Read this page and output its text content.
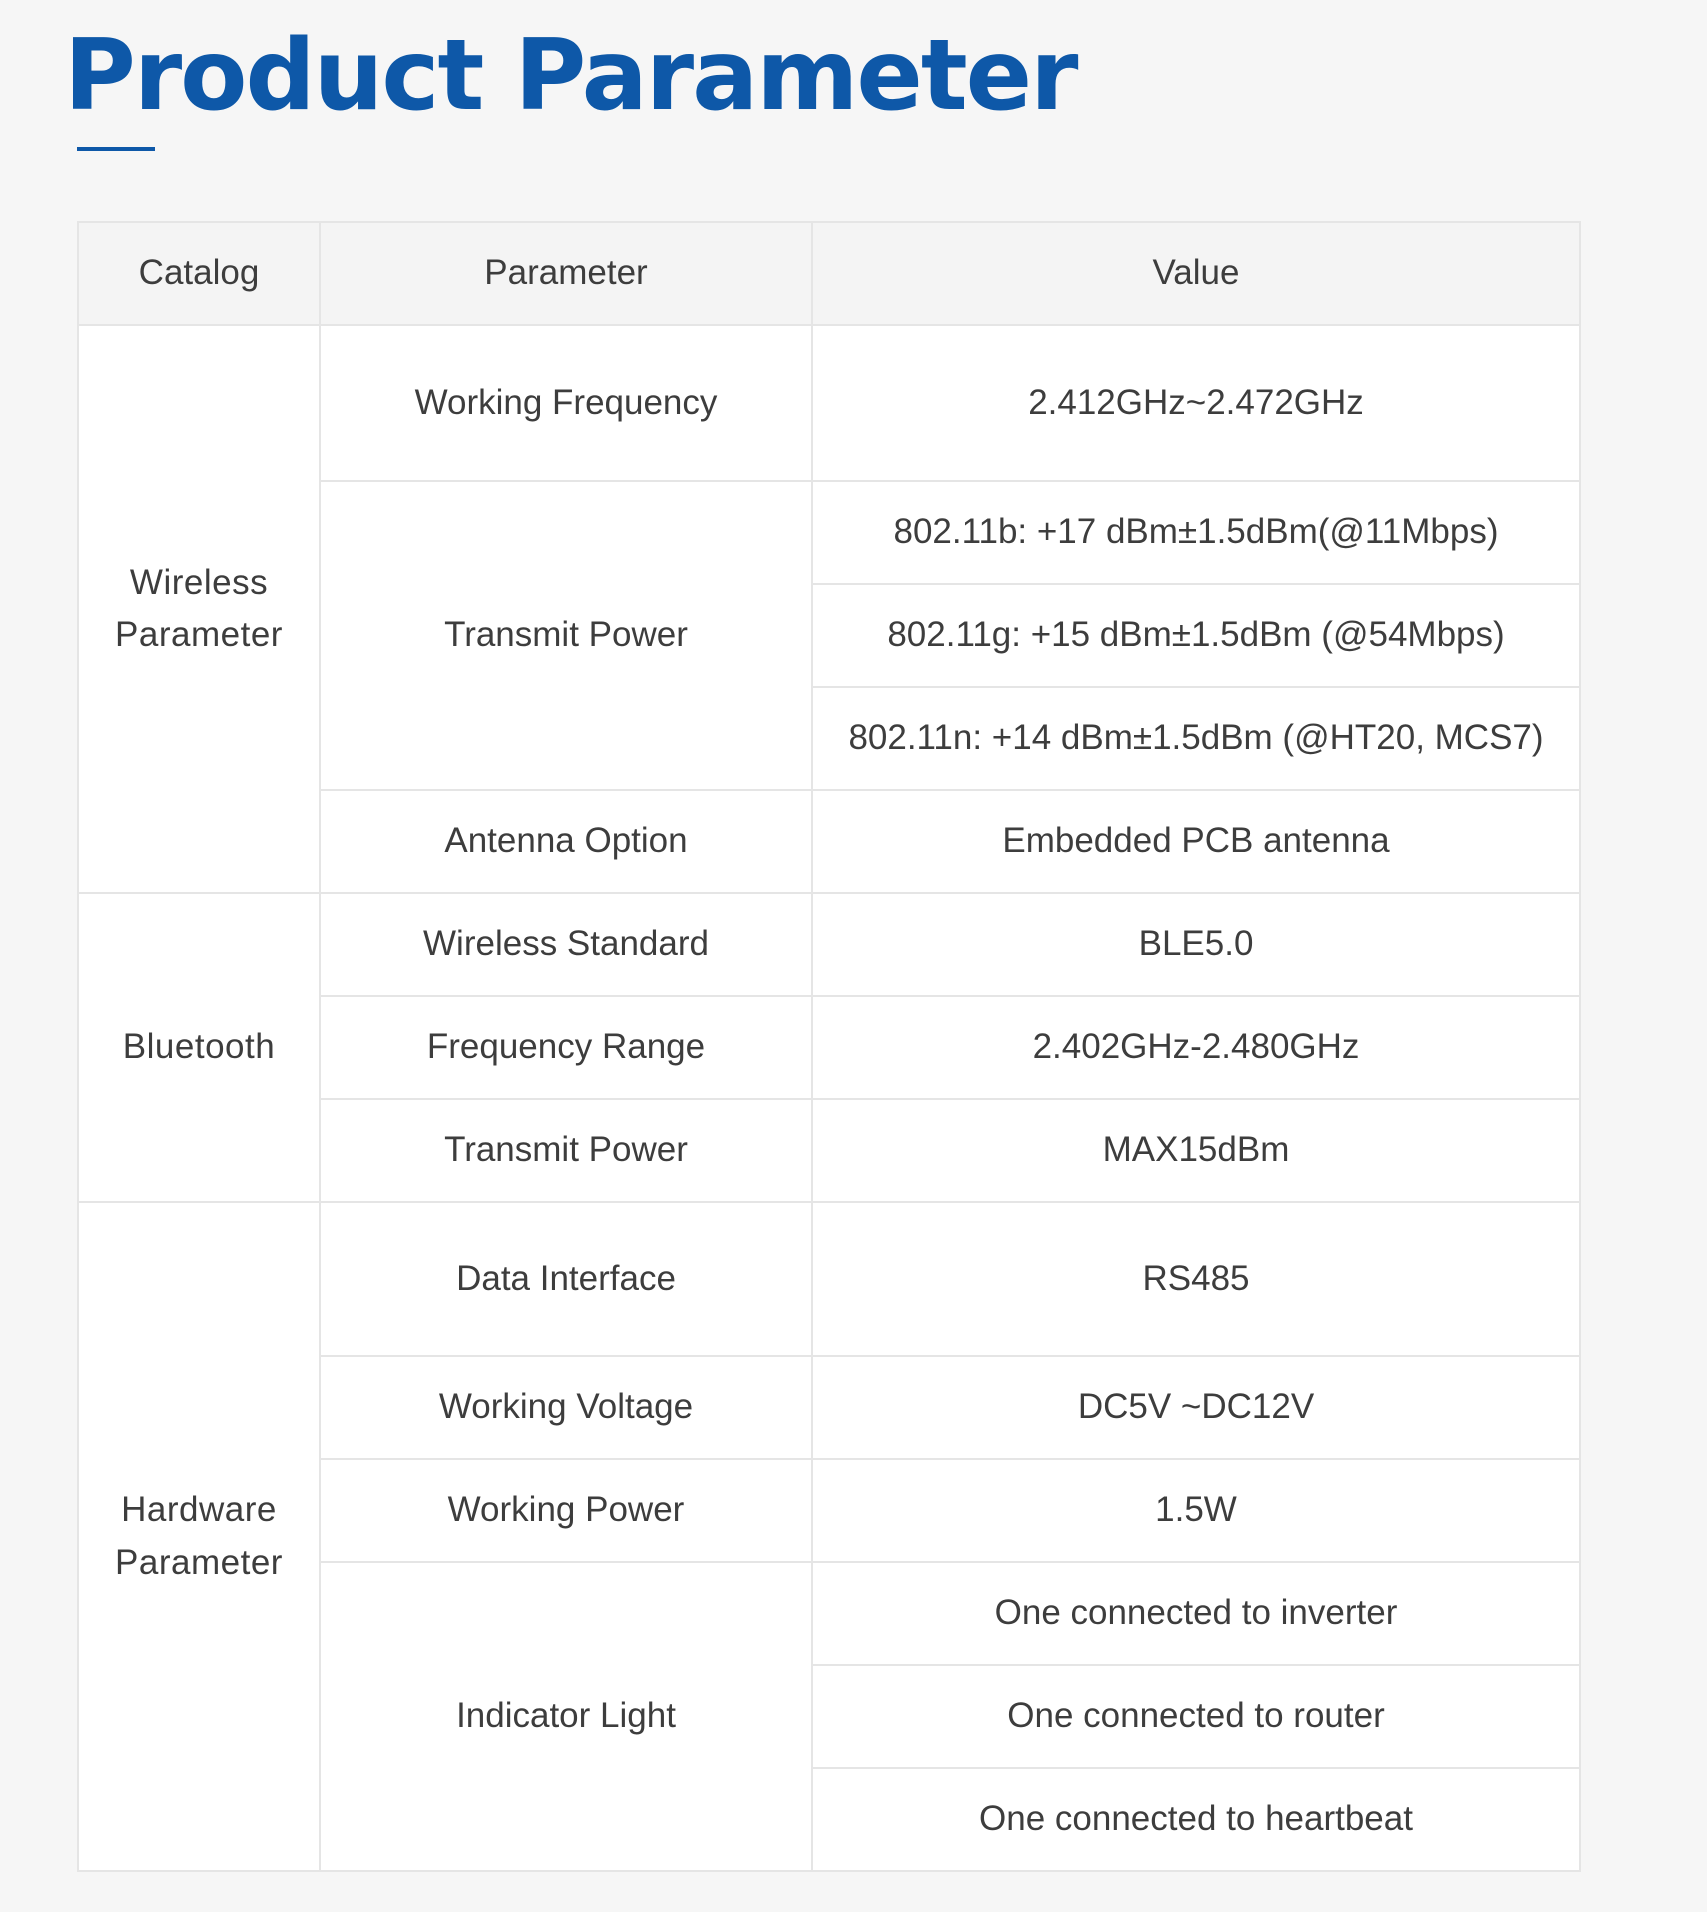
Product Parameter
Catalog	Parameter	Value
Wireless Parameter	Working Frequency	2.412GHz~2.472GHz
	Transmit Power	802.11b: +17 dBm±1.5dBm(@11Mbps)
		802.11g: +15 dBm±1.5dBm (@54Mbps)
		802.11n: +14 dBm±1.5dBm (@HT20, MCS7)
	Antenna Option	Embedded PCB antenna
Bluetooth	Wireless Standard	BLE5.0
	Frequency Range	2.402GHz-2.480GHz
	Transmit Power	MAX15dBm
Hardware Parameter	Data Interface	RS485
	Working Voltage	DC5V ~DC12V
	Working Power	1.5W
	Indicator Light	One connected to inverter
		One connected to router
		One connected to heartbeat
